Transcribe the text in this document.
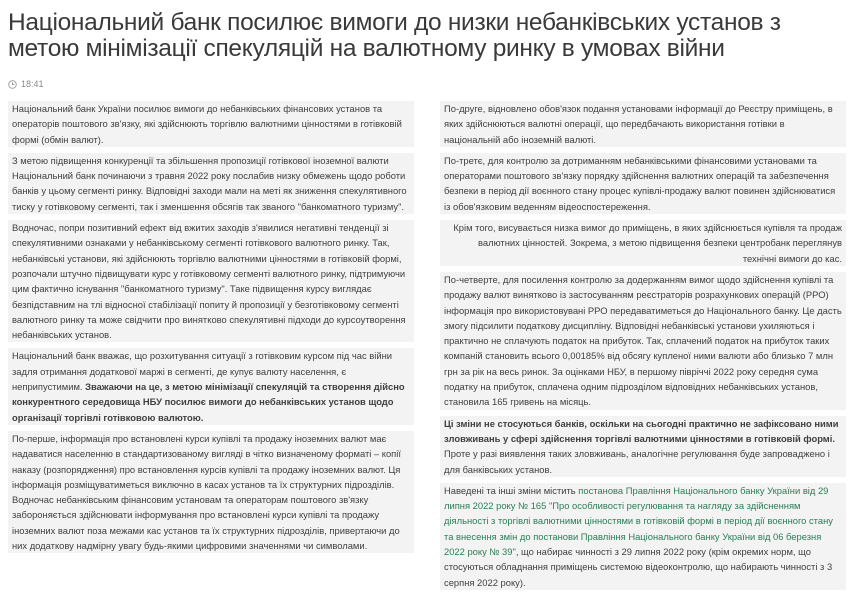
Національний банк посилює вимоги до низки небанківських установ з метою мінімізації спекуляцій на валютному ринку в умовах війни
18:41

Національний банк України посилює вимоги до небанківських фінансових установ та операторів поштового зв'язку, які здійснюють торгівлю валютними цінностями в готівковій формі (обмін валют).

З метою підвищення конкуренції та збільшення пропозиції готівкової іноземної валюти Національний банк починаючи з травня 2022 року послабив низку обмежень щодо роботи банків у цьому сегменті ринку. Відповідні заходи мали на меті як зниження спекулятивного тиску у готівковому сегменті, так і зменшення обсягів так званого "банкоматного туризму".

Водночас, попри позитивний ефект від вжитих заходів з'явилися негативні тенденції зі спекулятивними ознаками у небанківському сегменті готівкового валютного ринку. Так, небанківські установи, які здійснюють торгівлю валютними цінностями в готівковій формі, розпочали штучно підвищувати курс у готівковому сегменті валютного ринку, підтримуючи цим фактично існування "банкоматного туризму". Таке підвищення курсу виглядає безпідставним на тлі відносної стабілізації попиту й пропозиції у безготівковому сегменті валютного ринку та може свідчити про винятково спекулятивні підходи до курсоутворення небанківських установ.

Національний банк вважає, що розхитування ситуації з готівковим курсом під час війни задля отримання додаткової маржі в сегменті, де купує валюту населення, є неприпустимим. Зважаючи на це, з метою мінімізації спекуляцій та створення дійсно конкурентного середовища НБУ посилює вимоги до небанківських установ щодо організації торгівлі готівковою валютою.

По-перше, інформація про встановлені курси купівлі та продажу іноземних валют має надаватися населенню в стандартизованому вигляді в чітко визначеному форматі – копії наказу (розпорядження) про встановлення курсів купівлі та продажу іноземних валют. Ця інформація розміщуватиметься виключно в касах установ та їх структурних підрозділів. Водночас небанківським фінансовим установам та операторам поштового зв'язку забороняється здійснювати інформування про встановлені курси купівлі та продажу іноземних валют поза межами кас установ та їх структурних підрозділів, привертаючи до них додаткову надмірну увагу будь-якими цифровими значеннями чи символами.

По-друге, відновлено обов'язок подання установами інформації до Реєстру приміщень, в яких здійснюються валютні операції, що передбачають використання готівки в національній або іноземній валюті.

По-третє, для контролю за дотриманням небанківськими фінансовими установами та операторами поштового зв'язку порядку здійснення валютних операцій та забезпечення безпеки в період дії воєнного стану процес купівлі-продажу валют повинен здійснюватися із обов'язковим веденням відеоспостереження.

Крім того, висувається низка вимог до приміщень, в яких здійснюється купівля та продаж валютних цінностей. Зокрема, з метою підвищення безпеки центробанк переглянув технічні вимоги до кас.

По-четверте, для посилення контролю за додержанням вимог щодо здійснення купівлі та продажу валют винятково із застосуванням реєстраторів розрахункових операцій (РРО) інформація про використовувані РРО передаватиметься до Національного банку. Це дасть змогу підсилити податкову дисципліну. Відповідні небанківські установи ухиляються і практично не сплачують податок на прибуток. Так, сплачений податок на прибуток таких компаній становить всього 0,00185% від обсягу купленої ними валюти або близько 7 млн грн за рік на весь ринок. За оцінками НБУ, в першому півріччі 2022 року середня сума податку на прибуток, сплачена одним підрозділом відповідних небанківських установ, становила 165 гривень на місяць.

Ці зміни не стосуються банків, оскільки на сьогодні практично не зафіксовано ними зловживань у сфері здійснення торгівлі валютними цінностями в готівковій формі. Проте у разі виявлення таких зловживань, аналогічне регулювання буде запроваджено і для банківських установ.

Наведені та інші зміни містить постанова Правління Національного банку України від 29 липня 2022 року № 165 "Про особливості регулювання та нагляду за здійсненням діяльності з торгівлі валютними цінностями в готівковій формі в період дії воєнного стану та внесення змін до постанови Правління Національного банку України від 06 березня 2022 року № 39", що набирає чинності з 29 липня 2022 року (крім окремих норм, що стосуються обладнання приміщень системою відеоконтролю, що набирають чинності з 3 серпня 2022 року).
